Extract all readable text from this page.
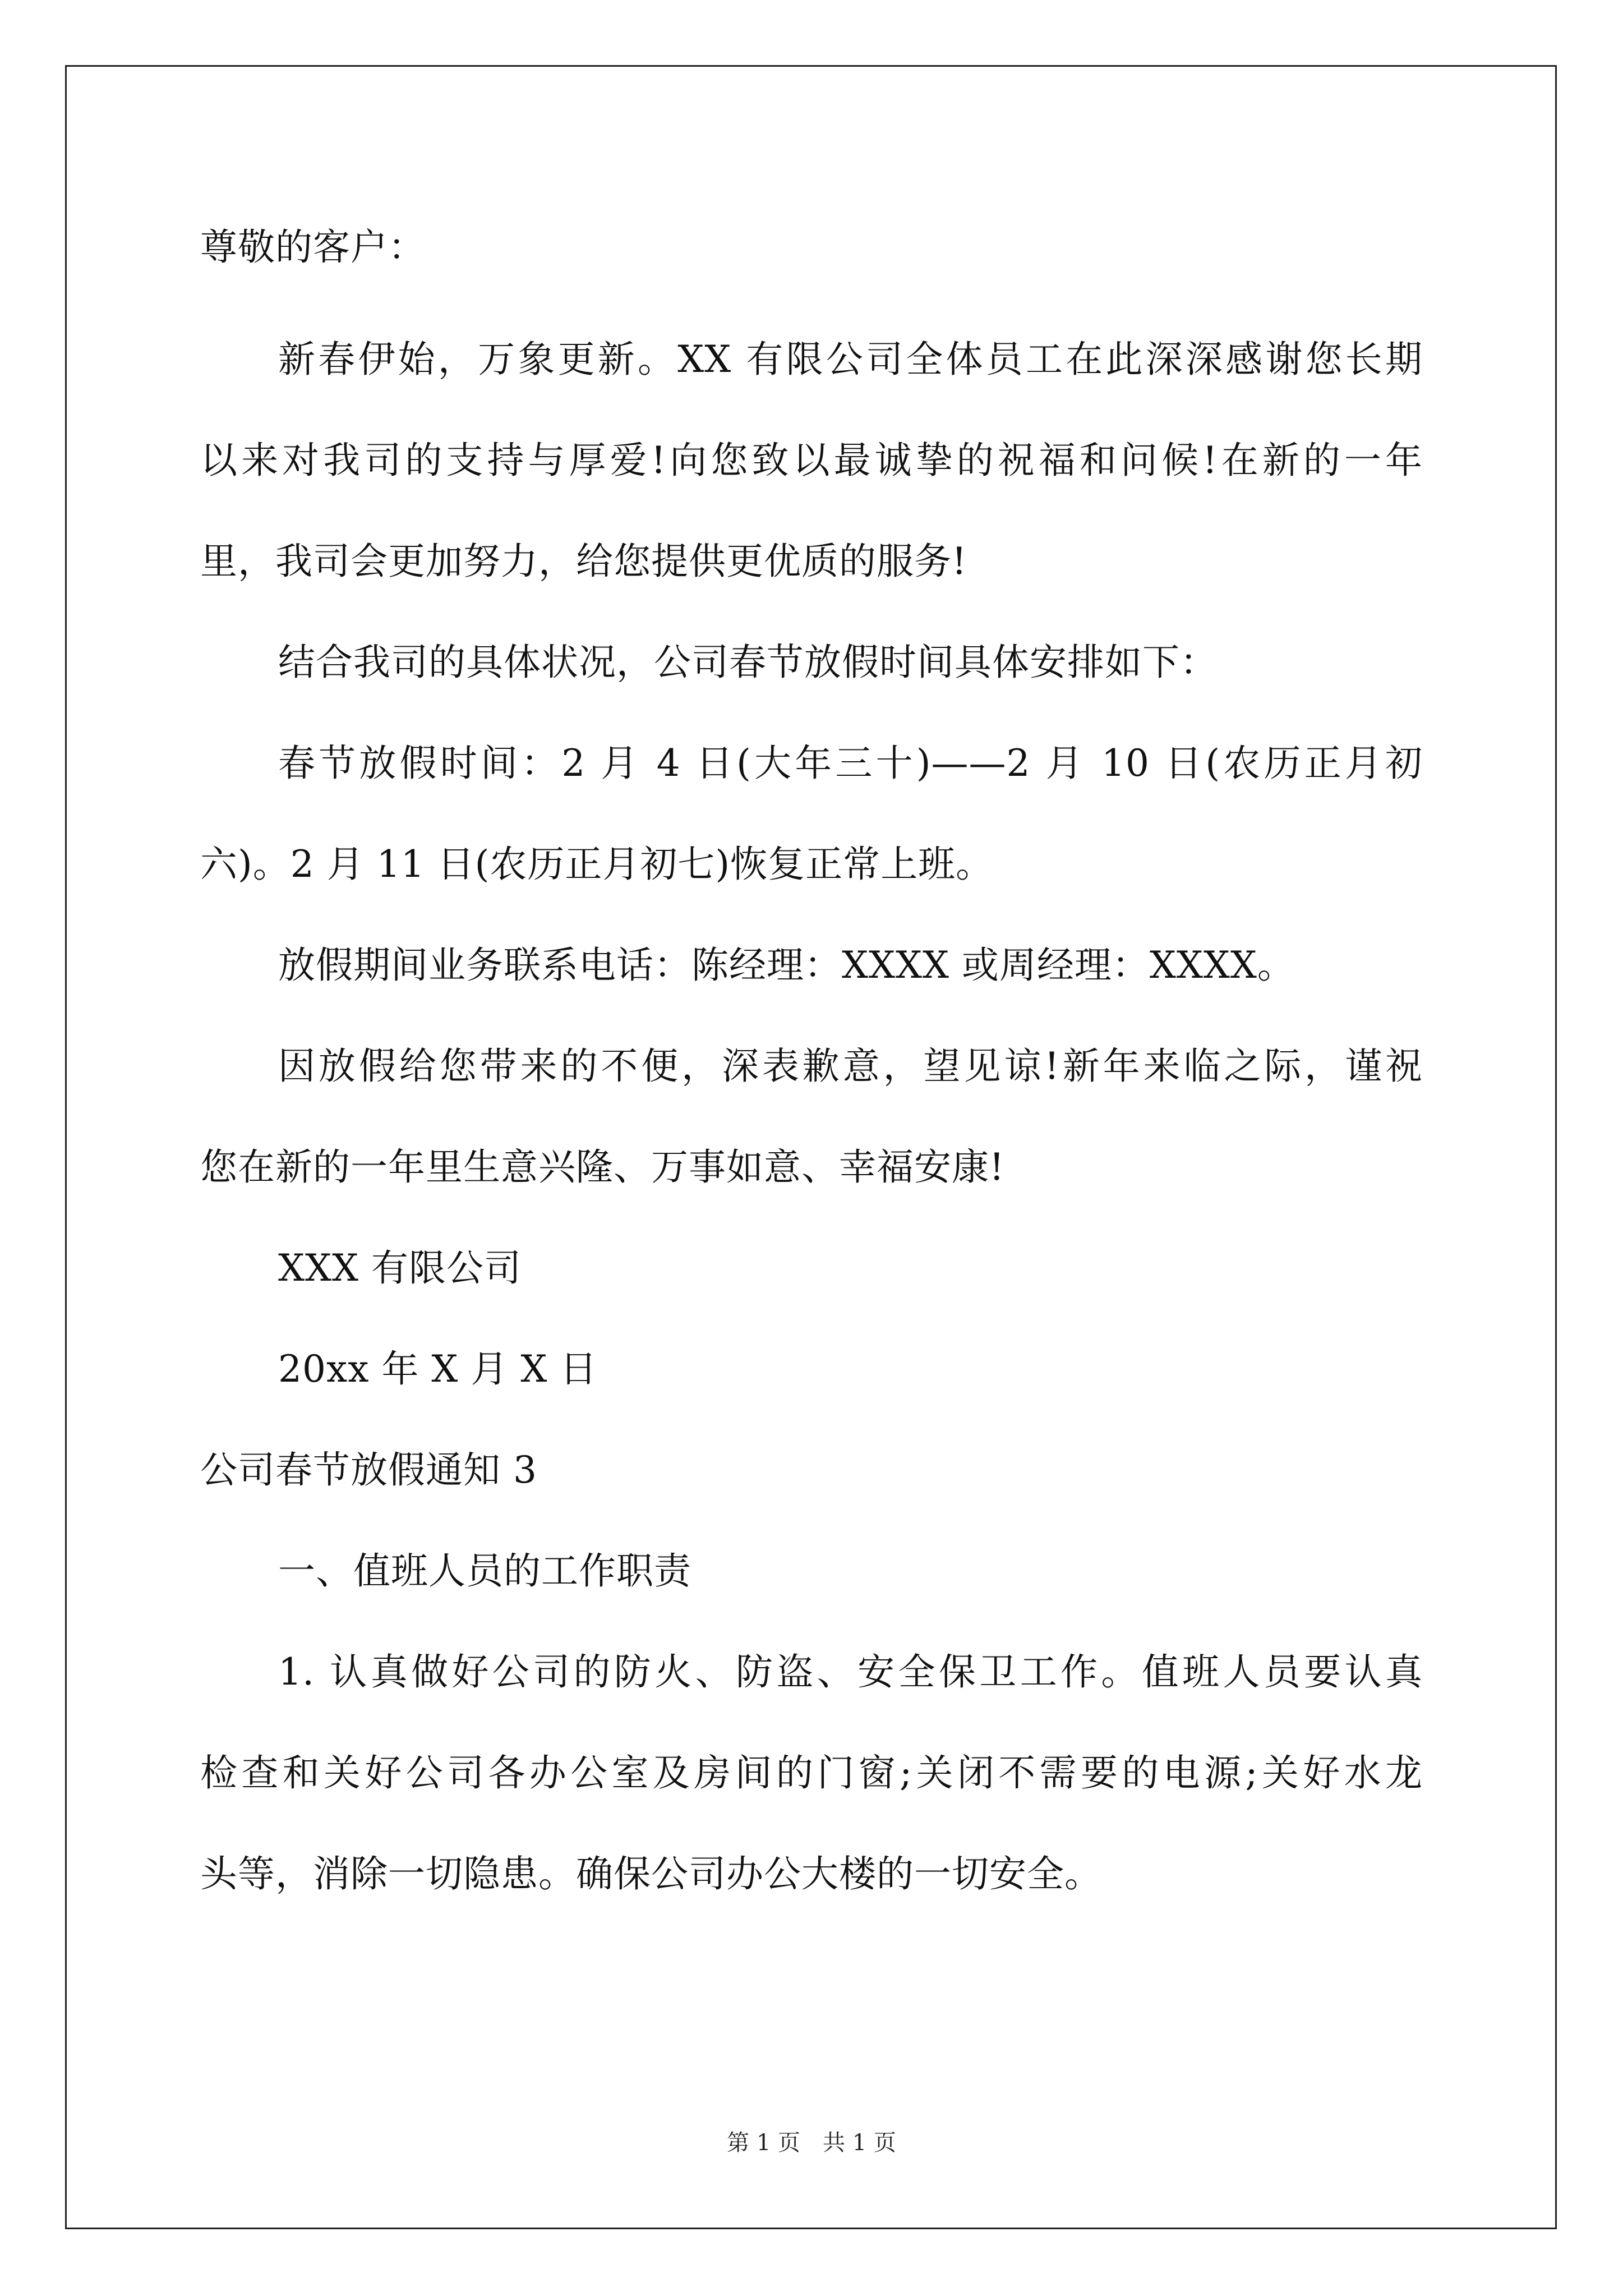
尊敬的客户：
新春伊始，万象更新。XX 有限公司全体员工在此深深感谢您长期
以来对我司的支持与厚爱!向您致以最诚挚的祝福和问候!在新的一年
里，我司会更加努力，给您提供更优质的服务!
结合我司的具体状况，公司春节放假时间具体安排如下：
春节放假时间：2 月 4 日(大年三十)——2 月 10 日(农历正月初
六)。2 月 11 日(农历正月初七)恢复正常上班。
放假期间业务联系电话：陈经理：XXXX 或周经理：XXXX。
因放假给您带来的不便，深表歉意，望见谅!新年来临之际，谨祝
您在新的一年里生意兴隆、万事如意、幸福安康!
XXX 有限公司
20xx 年 X 月 X 日
公司春节放假通知 3
一、值班人员的工作职责
1. 认真做好公司的防火、防盗、安全保卫工作。值班人员要认真
检查和关好公司各办公室及房间的门窗;关闭不需要的电源;关好水龙
头等，消除一切隐患。确保公司办公大楼的一切安全。
第 1 页　共 1 页
